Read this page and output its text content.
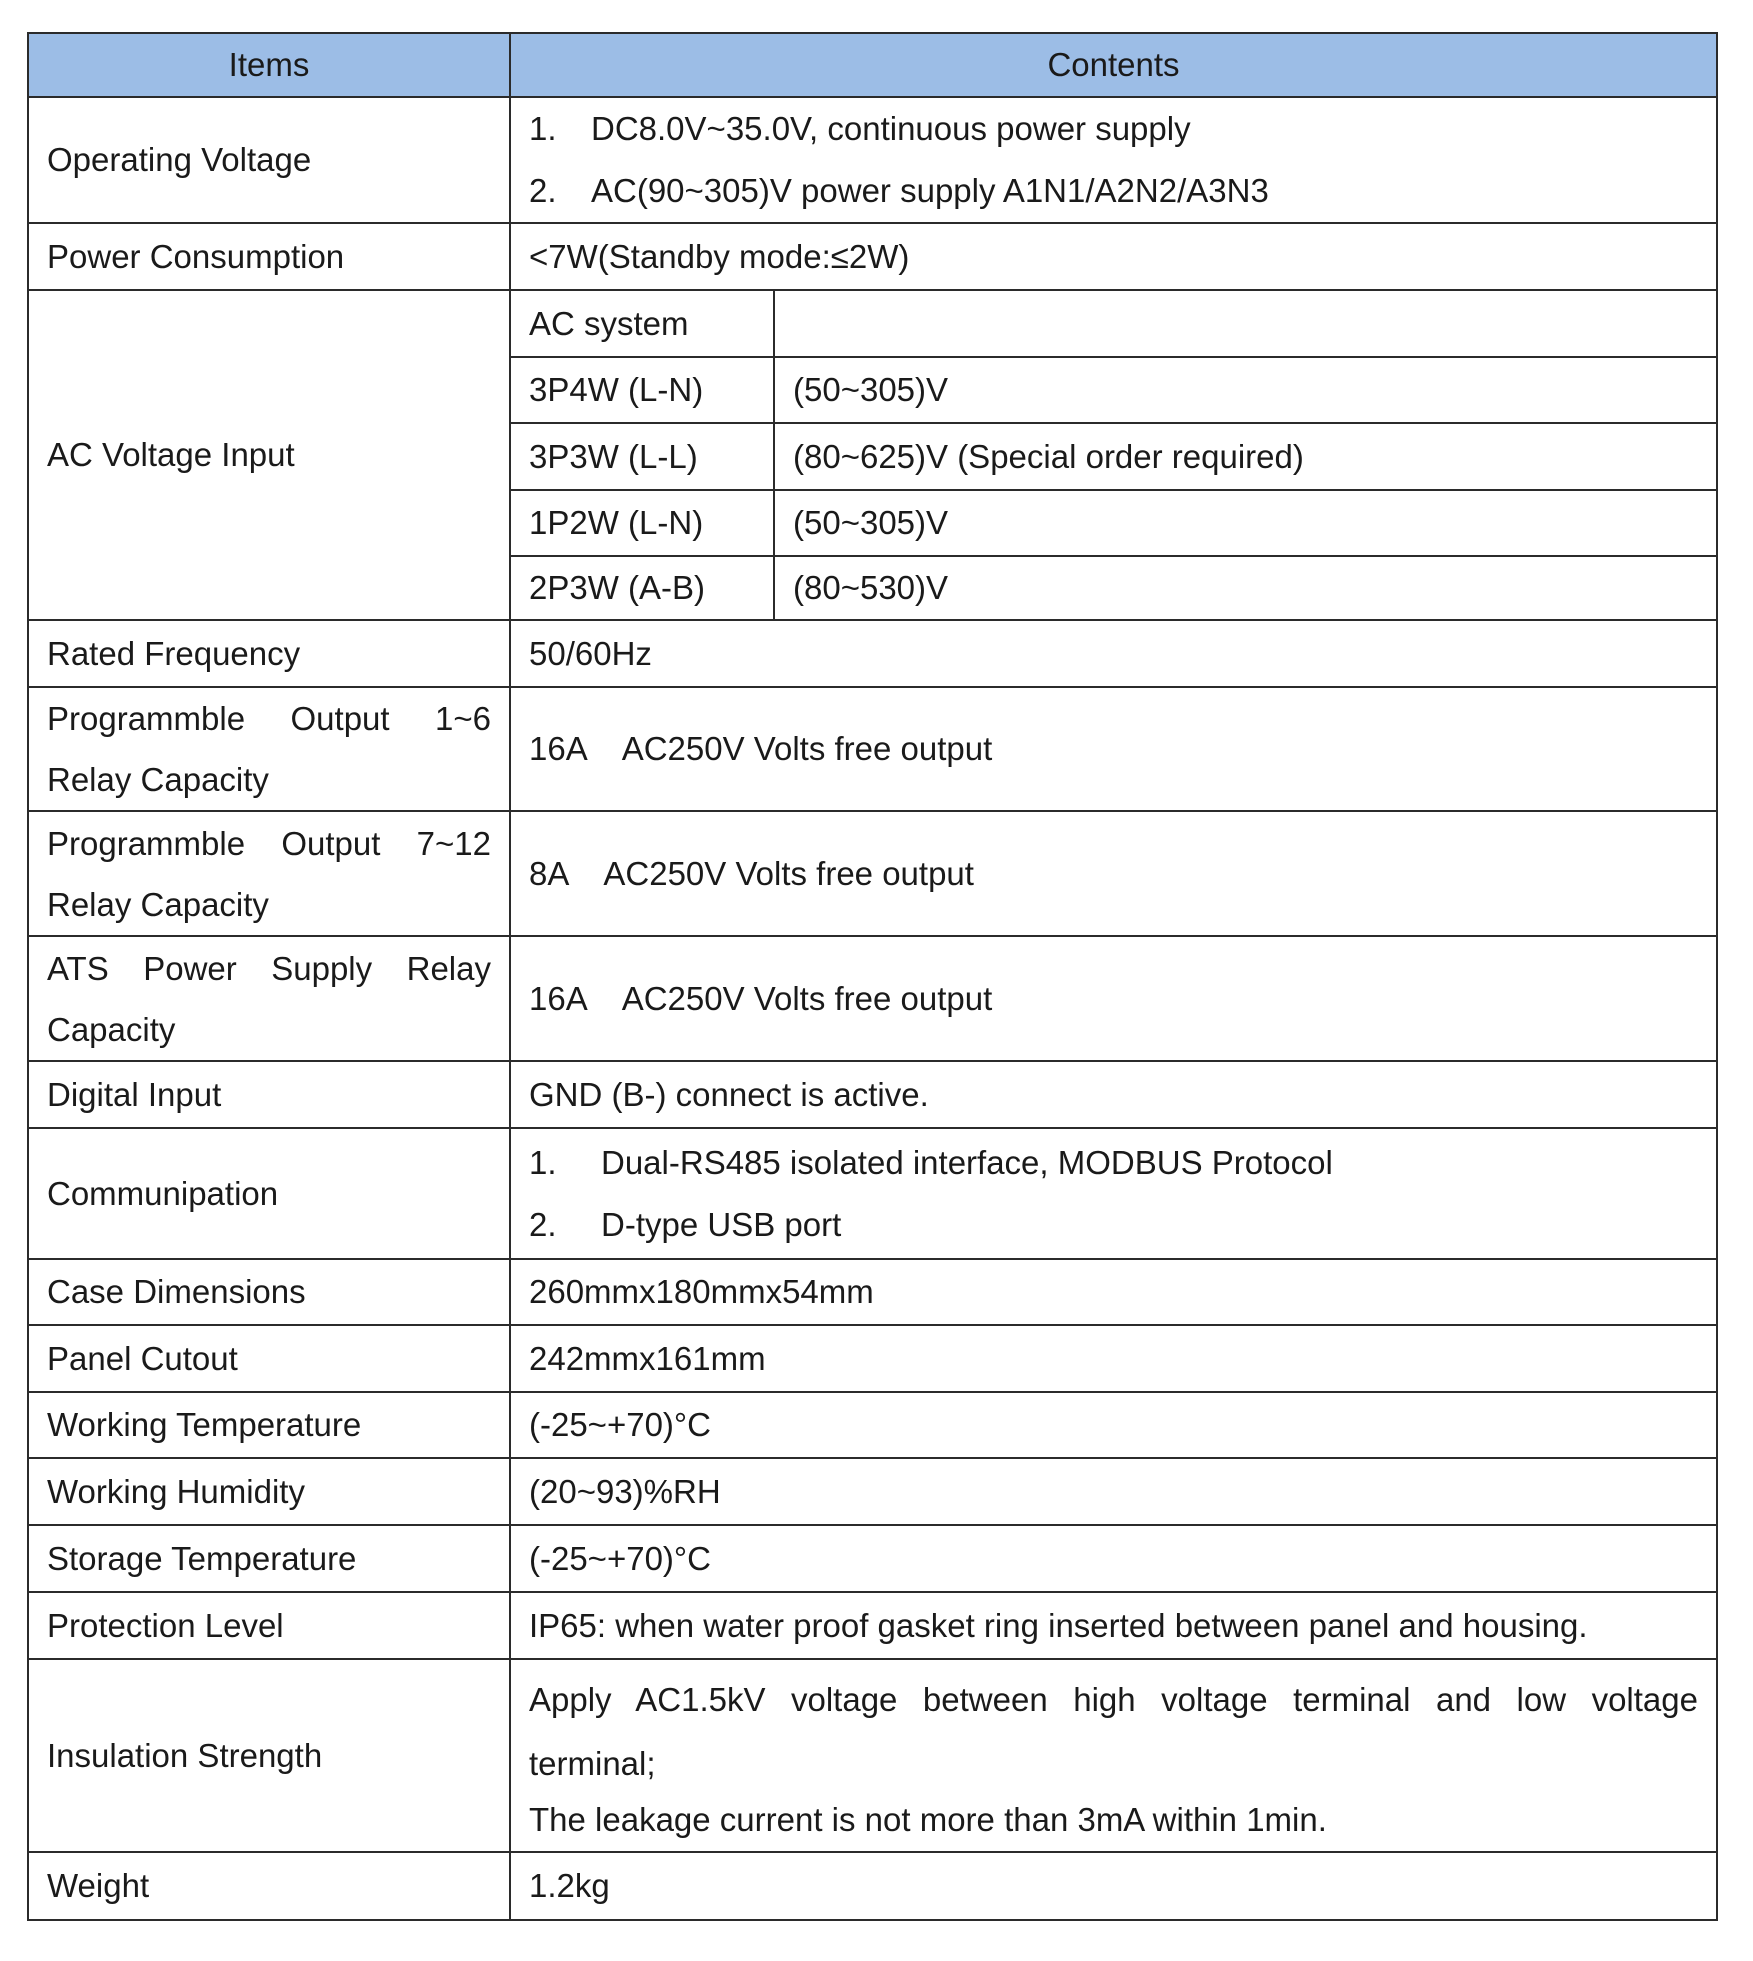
Items	Contents	
Operating Voltage	1. DC8.0V~35.0V, continuous power supply
2. AC(90~305)V power supply A1N1/A2N2/A3N3	

Power Consumption	<7W(Standby mode:≤2W)	
AC Voltage Input	AC system	
	3P4W (L-N)	(50~305)V
	3P3W (L-L)	(80~625)V (Special order required)
	1P2W (L-N)	(50~305)V
	2P3W (A-B)	(80~530)V
Rated Frequency	50/60Hz	
Programmble Output 1~6 Relay Capacity	16A AC250V Volts free output	
Programmble Output 7~12 Relay Capacity	8A AC250V Volts free output	
ATS Power Supply Relay Capacity	16A AC250V Volts free output	
Digital Input	GND (B-) connect is active.	
Communipation	1. Dual-RS485 isolated interface, MODBUS Protocol
2. D-type USB port	

Case Dimensions	260mmx180mmx54mm	
Panel Cutout	242mmx161mm	
Working Temperature	(-25~+70)°C	
Working Humidity	(20~93)%RH	
Storage Temperature	(-25~+70)°C	
Protection Level	IP65: when water proof gasket ring inserted between panel and housing.	
Insulation Strength	Apply AC1.5kV voltage between high voltage terminal and low voltage
terminal;
The leakage current is not more than 3mA within 1min.	

Weight	1.2kg	
